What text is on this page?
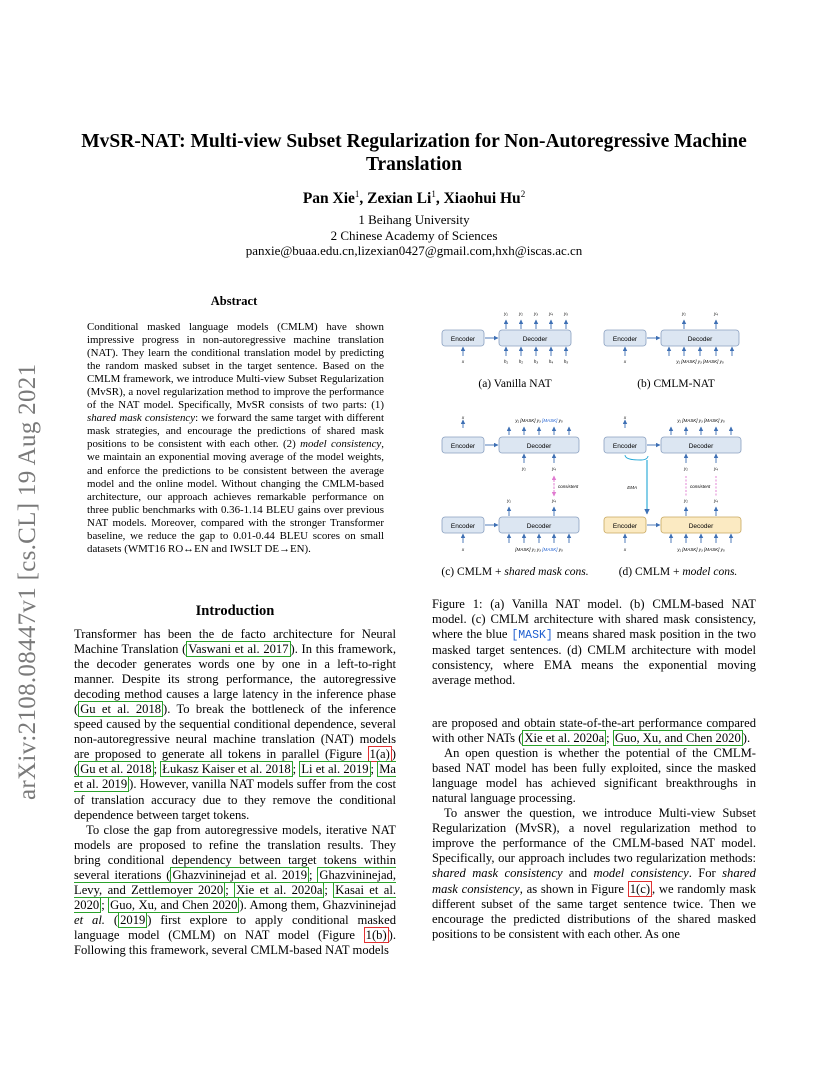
arXiv:2108.08447v1 [cs.CL] 19 Aug 2021
MvSR-NAT: Multi-view Subset Regularization for Non-Autoregressive Machine Translation
Pan Xie$^1$, Zexian Li$^1$, Xiaohui Hu$^2$
1 Beihang University
2 Chinese Academy of Sciences
panxie@buaa.edu.cn,lizexian0427@gmail.com,hxh@iscas.ac.cn
Abstract
Conditional masked language models (CMLM) have shown impressive progress in non-autoregressive machine translation (NAT). They learn the conditional translation model by predicting the random masked subset in the target sentence. Based on the CMLM framework, we introduce Multi-view Subset Regularization (MvSR), a novel regularization method to improve the performance of the NAT model. Specifically, MvSR consists of two parts: (1) shared mask consistency: we forward the same target with different mask strategies, and encourage the predictions of shared mask positions to be consistent with each other. (2) model consistency, we maintain an exponential moving average of the model weights, and enforce the predictions to be consistent between the average model and the online model. Without changing the CMLM-based architecture, our approach achieves remarkable performance on three public benchmarks with 0.36-1.14 BLEU gains over previous NAT models. Moreover, compared with the stronger Transformer baseline, we reduce the gap to 0.01-0.44 BLEU scores on small datasets (WMT16 RO↔EN and IWSLT DE→EN).
Introduction

Transformer has been the de facto architecture for Neural Machine Translation ( Vaswani et al. 2017 ). In this framework, the decoder generates words one by one in a left-to-right manner. Despite its strong performance, the autoregressive decoding method causes a large latency in the inference phase ( Gu et al. 2018 ). To break the bottleneck of the inference speed caused by the sequential conditional dependence, several non-autoregressive neural machine translation (NAT) models are proposed to generate all tokens in parallel (Figure 1(a) ) ( Gu et al. 2018 ; Łukasz Kaiser et al. 2018 ; Li et al. 2019 ; Ma et al. 2019 ). However, vanilla NAT models suffer from the cost of translation accuracy due to they remove the conditional dependence between target tokens.

To close the gap from autoregressive models, iterative NAT models are proposed to refine the translation results. They bring conditional dependency between target tokens within several iterations ( Ghazvininejad et al. 2019 ; Ghazvininejad, Levy, and Zettlemoyer 2020 ; Xie et al. 2020a ; Kasai et al. 2020 ; Guo, Xu, and Chen 2020 ). Among them, Ghazvininejad et al. ( 2019 ) first explore to apply conditional masked language model (CMLM) on NAT model (Figure 1(b) ). Following this framework, several CMLM-based NAT models

Encoder
x
Decoder
y₁ y₂ y₃ y₄ y₅
h₁ h₂ h₃ h₄ h₅
Encoder
x
Decoder
y₂	y₄
y₁ [MASK] y₃ [MASK] y₅
x
Encoder	Decoder
y₁ [MASK] y₃ [MASK] y₅
y₂	y₄
consistent
y₁	y₄
Encoder	Decoder
x	[MASK] y₂ y₃ [MASK] y₅
x
Encoder	Decoder
y₁ [MASK] y₃ [MASK] y₅
y₂	y₄
consistent
y₂	y₄
EMA
Encoder	Decoder
x	y₁ [MASK] y₃ [MASK] y₅
(a) Vanilla NAT	(b) CMLM-NAT
(c) CMLM + shared mask cons.	(d) CMLM + model cons.
Figure 1: (a) Vanilla NAT model. (b) CMLM-based NAT model. (c) CMLM architecture with shared mask consistency, where the blue [MASK] means shared mask position in the two masked target sentences. (d) CMLM architecture with model consistency, where EMA means the exponential moving average method.

are proposed and obtain state-of-the-art performance compared with other NATs ( Xie et al. 2020a ; Guo, Xu, and Chen 2020 ).

An open question is whether the potential of the CMLM-based NAT model has been fully exploited, since the masked language model has achieved significant breakthroughs in natural language processing.

To answer the question, we introduce Multi-view Subset Regularization (MvSR), a novel regularization method to improve the performance of the CMLM-based NAT model. Specifically, our approach includes two regularization methods: shared mask consistency and model consistency. For shared mask consistency, as shown in Figure 1(c) , we randomly mask different subset of the same target sentence twice. Then we encourage the predicted distributions of the shared masked positions to be consistent with each other. As one
